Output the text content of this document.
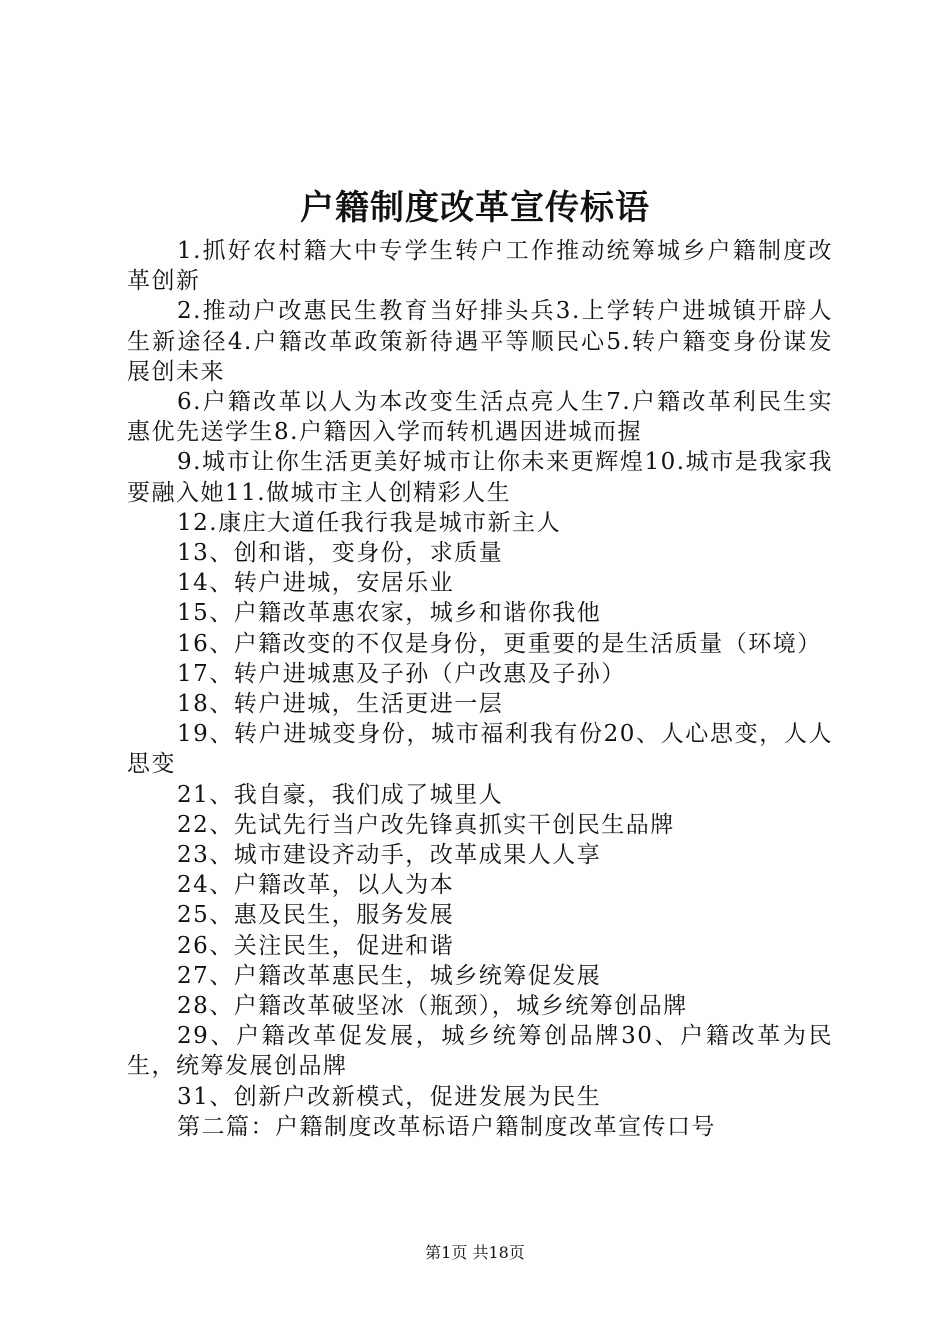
户籍制度改革宣传标语

1.抓好农村籍大中专学生转户工作推动统筹城乡户籍制度改革创新

2.推动户改惠民生教育当好排头兵3.上学转户进城镇开辟人生新途径4.户籍改革政策新待遇平等顺民心5.转户籍变身份谋发展创未来

6.户籍改革以人为本改变生活点亮人生7.户籍改革利民生实惠优先送学生8.户籍因入学而转机遇因进城而握

9.城市让你生活更美好城市让你未来更辉煌10.城市是我家我要融入她11.做城市主人创精彩人生

12.康庄大道任我行我是城市新主人

13、创和谐，变身份，求质量

14、转户进城，安居乐业

15、户籍改革惠农家，城乡和谐你我他

16、户籍改变的不仅是身份，更重要的是生活质量（环境）

17、转户进城惠及子孙（户改惠及子孙）

18、转户进城，生活更进一层

19、转户进城变身份，城市福利我有份20、人心思变，人人思变

21、我自豪，我们成了城里人

22、先试先行当户改先锋真抓实干创民生品牌

23、城市建设齐动手，改革成果人人享

24、户籍改革，以人为本

25、惠及民生，服务发展

26、关注民生，促进和谐

27、户籍改革惠民生，城乡统筹促发展

28、户籍改革破坚冰（瓶颈），城乡统筹创品牌

29、户籍改革促发展，城乡统筹创品牌30、户籍改革为民生，统筹发展创品牌

31、创新户改新模式，促进发展为民生

第二篇：户籍制度改革标语户籍制度改革宣传口号

第1页 共18页
